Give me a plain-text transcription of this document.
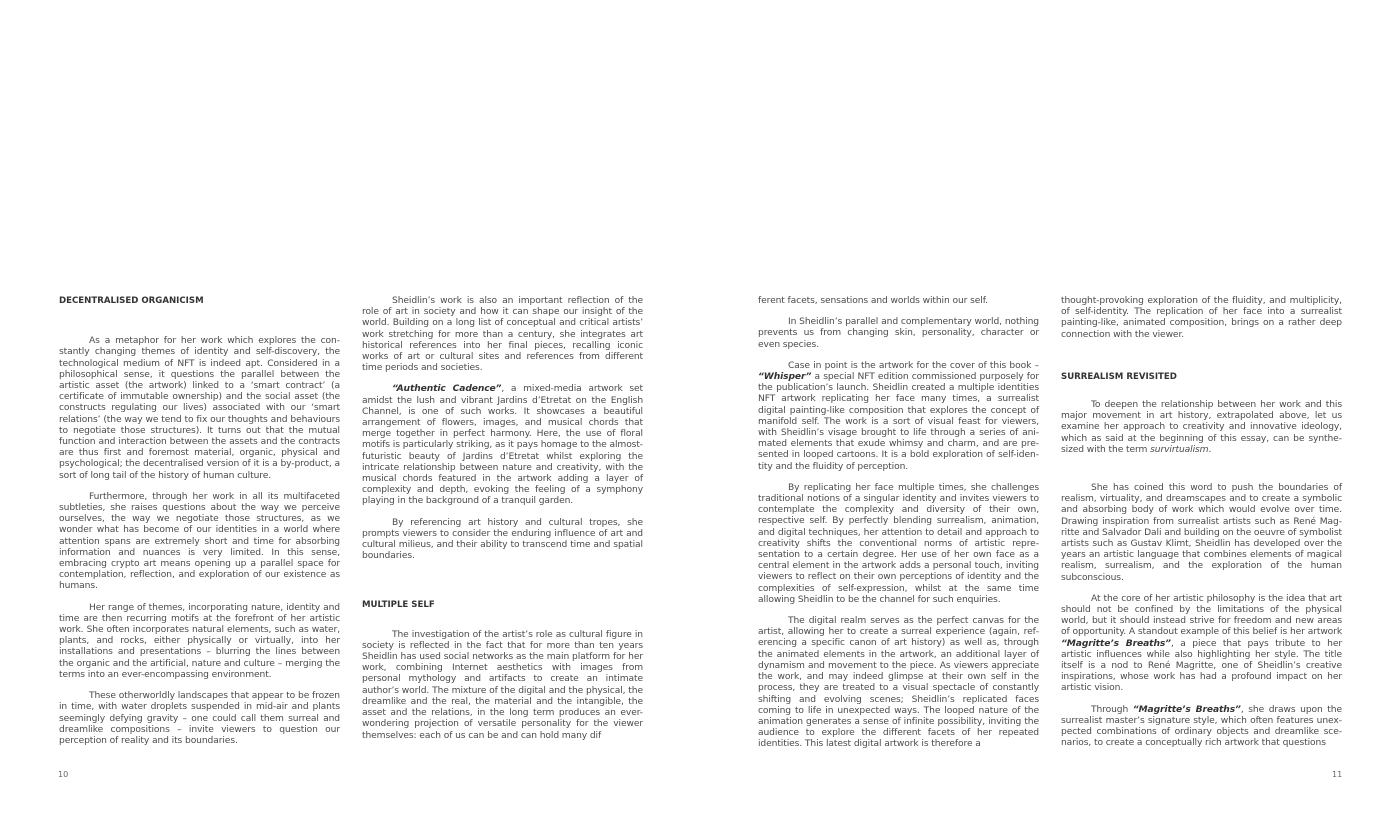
DECENTRALISED ORGANICISM

As a metaphor for her work which explores the constantly changing themes of identity and self-discovery, the technological medium of NFT is indeed apt. Considered in a philosophical sense, it questions the parallel between the artistic asset (the artwork) linked to a ‘smart contract’ (a certificate of immutable ownership) and the social asset (the constructs regulating our lives) associated with our ‘smart relations’ (the way we tend to fix our thoughts and behaviours to negotiate those structures). It turns out that the mutual function and interaction between the assets and the contracts are thus first and foremost material, organic, physical and psychological; the decentralised version of it is a by-product, a sort of long tail of the history of human culture.

Furthermore, through her work in all its multifaceted subtleties, she raises questions about the way we perceive ourselves, the way we negotiate those structures, as we wonder what has become of our identities in a world where attention spans are extremely short and time for absorbing information and nuances is very limited. In this sense, embracing crypto art means opening up a parallel space for contemplation, reflection, and exploration of our existence as humans.

Her range of themes, incorporating nature, identity and time are then recurring motifs at the forefront of her artistic work. She often incorporates natural elements, such as water, plants, and rocks, either physically or virtually, into her installations and presentations – blurring the lines between the organic and the artificial, nature and culture – merging the terms into an ever-encompassing environment.

These otherworldly landscapes that appear to be frozen in time, with water droplets suspended in mid-air and plants seemingly defying gravity – one could call them surreal and dreamlike compositions – invite viewers to question our perception of reality and its boundaries.

Sheidlin’s work is also an important reflection of the role of art in society and how it can shape our insight of the world. Building on a long list of conceptual and critical artists’ work stretching for more than a century, she integrates art historical references into her final pieces, recalling iconic works of art or cultural sites and references from different time periods and societies.

“Authentic Cadence”, a mixed-media artwork set amidst the lush and vibrant Jardins d’Etretat on the English Channel, is one of such works. It showcases a beautiful arrangement of flowers, images, and musical chords that merge together in perfect harmony. Here, the use of floral motifs is particularly striking, as it pays homage to the almost-futuristic beauty of Jardins d’Etretat whilst exploring the intricate relationship between nature and creativity, with the musical chords featured in the artwork adding a layer of complexity and depth, evoking the feeling of a symphony playing in the background of a tranquil garden.

By referencing art history and cultural tropes, she prompts viewers to consider the enduring influence of art and cultural milieus, and their ability to transcend time and spatial boundaries.

MULTIPLE SELF

The investigation of the artist’s role as cultural figure in society is reflected in the fact that for more than ten years Sheidlin has used social networks as the main platform for her work, combining Internet aesthetics with images from personal mythology and artifacts to create an intimate author’s world. The mixture of the digital and the physical, the dreamlike and the real, the material and the intangible, the asset and the relations, in the long term produces an ever-wondering projection of versatile personality for the viewer themselves: each of us can be and can hold many dif

ferent facets, sensations and worlds within our self.

In Sheidlin’s parallel and complementary world, nothing prevents us from changing skin, personality, character or even species.

Case in point is the artwork for the cover of this book – “Whisper” a special NFT edition commissioned purposely for the publication’s launch. Sheidlin created a multiple identities NFT artwork replicating her face many times, a surrealist digital painting-like composition that explores the concept of manifold self. The work is a sort of visual feast for viewers, with Sheidlin’s visage brought to life through a series of animated elements that exude whimsy and charm, and are presented in looped cartoons. It is a bold exploration of self-identity and the fluidity of perception.

By replicating her face multiple times, she challenges traditional notions of a singular identity and invites viewers to contemplate the complexity and diversity of their own, respective self. By perfectly blending surrealism, animation, and digital techniques, her attention to detail and approach to creativity shifts the conventional norms of artistic representation to a certain degree. Her use of her own face as a central element in the artwork adds a personal touch, inviting viewers to reflect on their own perceptions of identity and the complexities of self-expression, whilst at the same time allowing Sheidlin to be the channel for such enquiries.

The digital realm serves as the perfect canvas for the artist, allowing her to create a surreal experience (again, referencing a specific canon of art history) as well as, through the animated elements in the artwork, an additional layer of dynamism and movement to the piece. As viewers appreciate the work, and may indeed glimpse at their own self in the process, they are treated to a visual spectacle of constantly shifting and evolving scenes; Sheidlin’s replicated faces coming to life in unexpected ways. The looped nature of the animation generates a sense of infinite possibility, inviting the audience to explore the different facets of her repeated identities. This latest digital artwork is therefore a

thought-provoking exploration of the fluidity, and multiplicity, of self-identity. The replication of her face into a surrealist painting-like, animated composition, brings on a rather deep connection with the viewer.

SURREALISM REVISITED

To deepen the relationship between her work and this major movement in art history, extrapolated above, let us examine her approach to creativity and innovative ideology, which as said at the beginning of this essay, can be synthesized with the term survirtualism.

She has coined this word to push the boundaries of realism, virtuality, and dreamscapes and to create a symbolic and absorbing body of work which would evolve over time. Drawing inspiration from surrealist artists such as René Magritte and Salvador Dali and building on the oeuvre of symbolist artists such as Gustav Klimt, Sheidlin has developed over the years an artistic language that combines elements of magical realism, surrealism, and the exploration of the human subconscious.

At the core of her artistic philosophy is the idea that art should not be confined by the limitations of the physical world, but it should instead strive for freedom and new areas of opportunity. A standout example of this belief is her artwork “Magritte’s Breaths”, a piece that pays tribute to her artistic influences while also highlighting her style. The title itself is a nod to René Magritte, one of Sheidlin’s creative inspirations, whose work has had a profound impact on her artistic vision.

Through “Magritte’s Breaths”, she draws upon the surrealist master’s signature style, which often features unexpected combinations of ordinary objects and dreamlike scenarios, to create a conceptually rich artwork that questions

10	11
